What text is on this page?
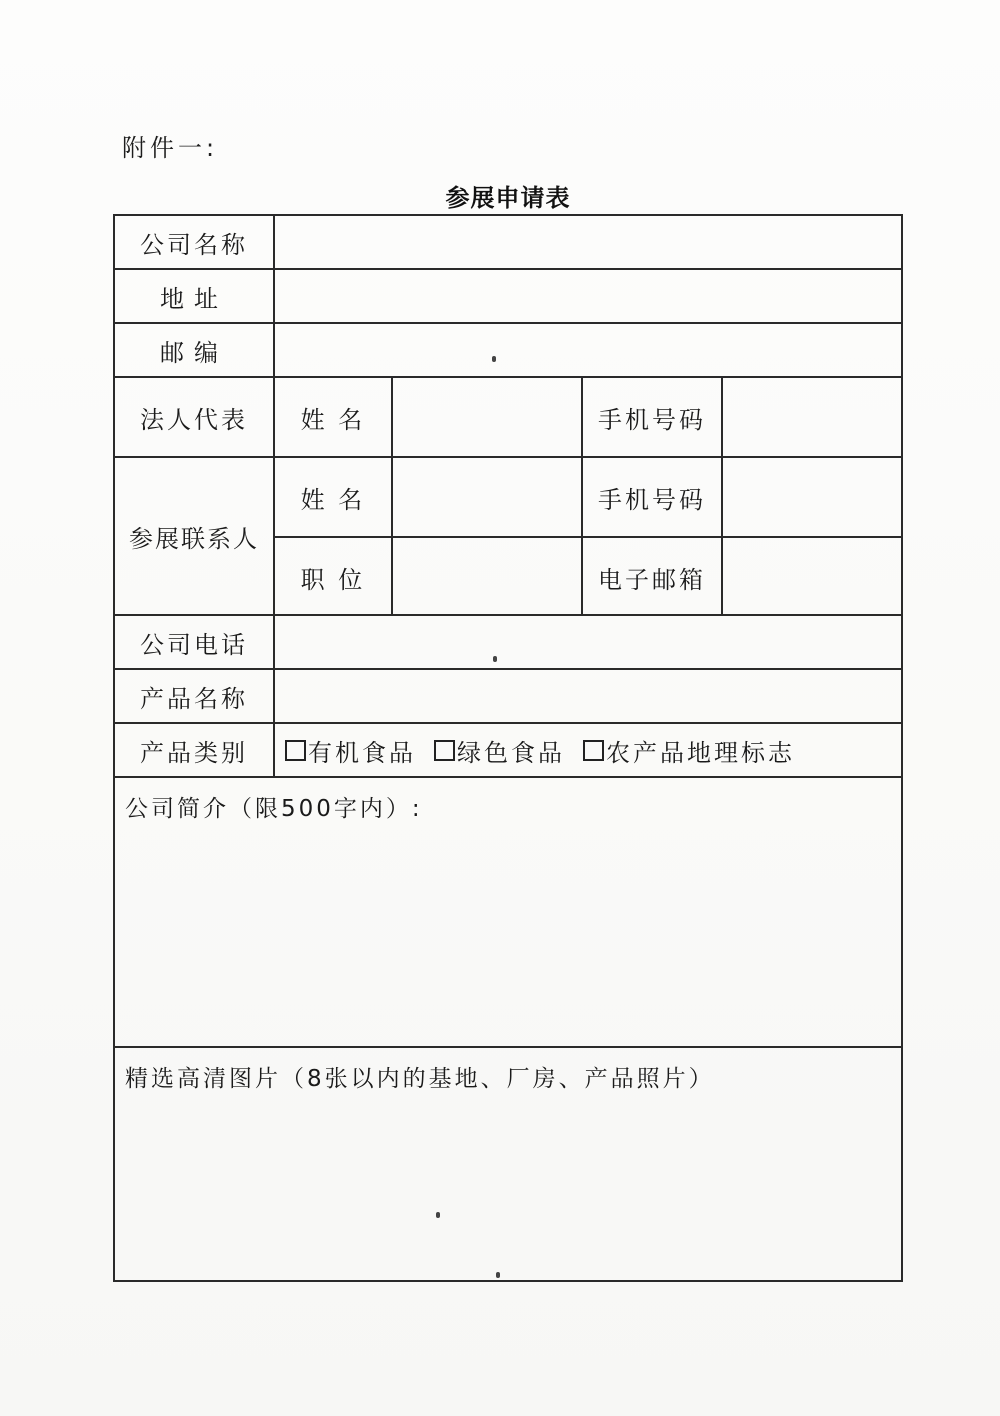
附件一:
参展申请表
公司名称
地址
邮编
法人代表	姓 名	手机号码
参展联系人
姓 名	手机号码
职 位	电子邮箱
公司电话
产品名称
产品类别	有机食品 绿色食品 农产品地理标志
公司简介（限500字内）:
精选高清图片（8张以内的基地、厂房、产品照片）
